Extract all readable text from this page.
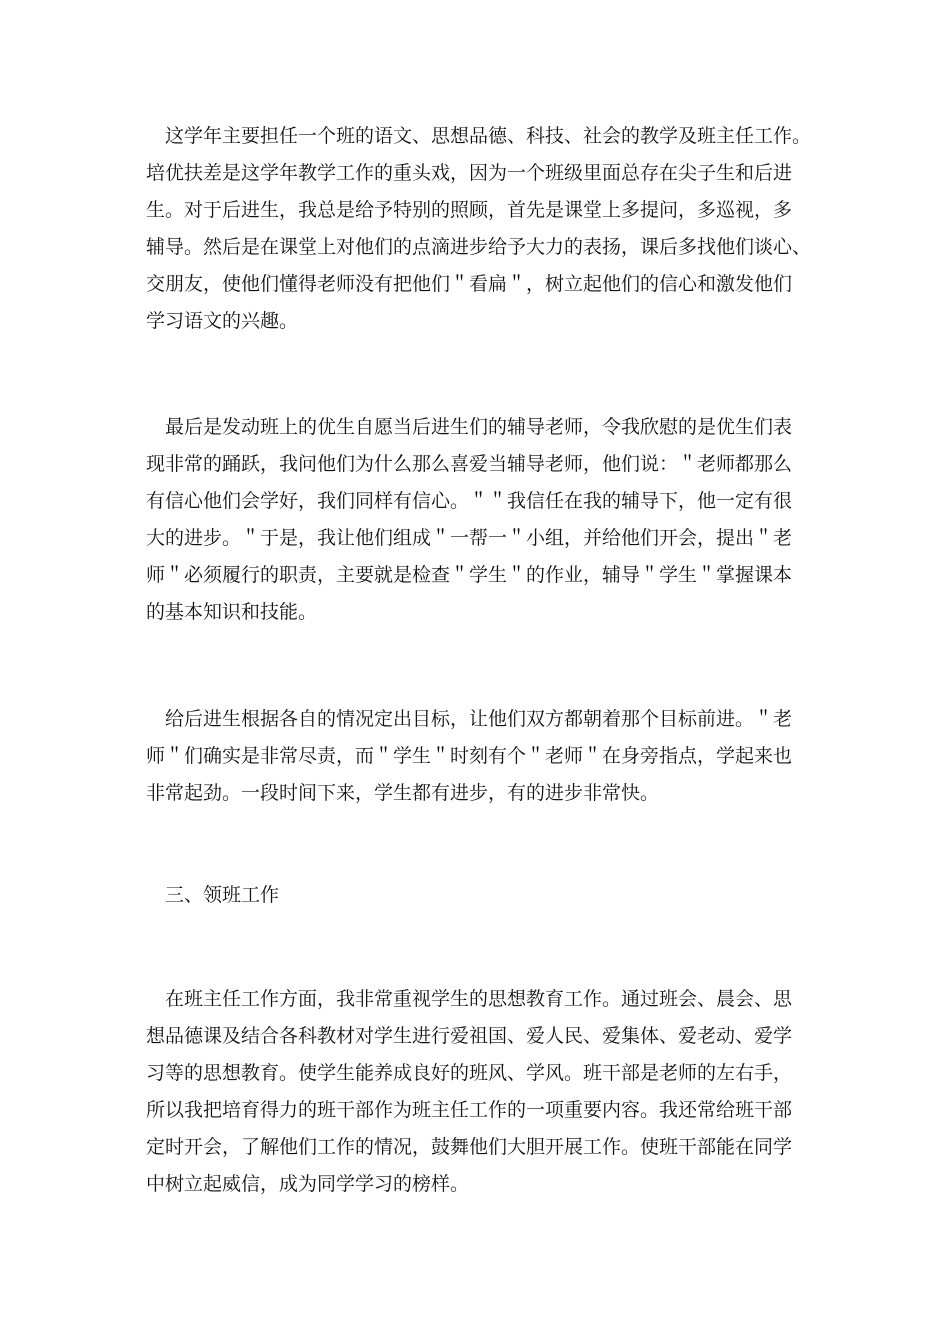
　这学年主要担任一个班的语文、思想品德、科技、社会的教学及班主任工作。
培优扶差是这学年教学工作的重头戏，因为一个班级里面总存在尖子生和后进
生。对于后进生，我总是给予特别的照顾，首先是课堂上多提问，多巡视，多
辅导。然后是在课堂上对他们的点滴进步给予大力的表扬，课后多找他们谈心、
交朋友，使他们懂得老师没有把他们＂看扁＂，树立起他们的信心和激发他们
学习语文的兴趣。

　最后是发动班上的优生自愿当后进生们的辅导老师，令我欣慰的是优生们表
现非常的踊跃，我问他们为什么那么喜爱当辅导老师，他们说：＂老师都那么
有信心他们会学好，我们同样有信心。＂＂我信任在我的辅导下，他一定有很
大的进步。＂于是，我让他们组成＂一帮一＂小组，并给他们开会，提出＂老
师＂必须履行的职责，主要就是检查＂学生＂的作业，辅导＂学生＂掌握课本
的基本知识和技能。

　给后进生根据各自的情况定出目标，让他们双方都朝着那个目标前进。＂老
师＂们确实是非常尽责，而＂学生＂时刻有个＂老师＂在身旁指点，学起来也
非常起劲。一段时间下来，学生都有进步，有的进步非常快。

　三、领班工作

　在班主任工作方面，我非常重视学生的思想教育工作。通过班会、晨会、思
想品德课及结合各科教材对学生进行爱祖国、爱人民、爱集体、爱老动、爱学
习等的思想教育。使学生能养成良好的班风、学风。班干部是老师的左右手，
所以我把培育得力的班干部作为班主任工作的一项重要内容。我还常给班干部
定时开会，了解他们工作的情况，鼓舞他们大胆开展工作。使班干部能在同学
中树立起威信，成为同学学习的榜样。
